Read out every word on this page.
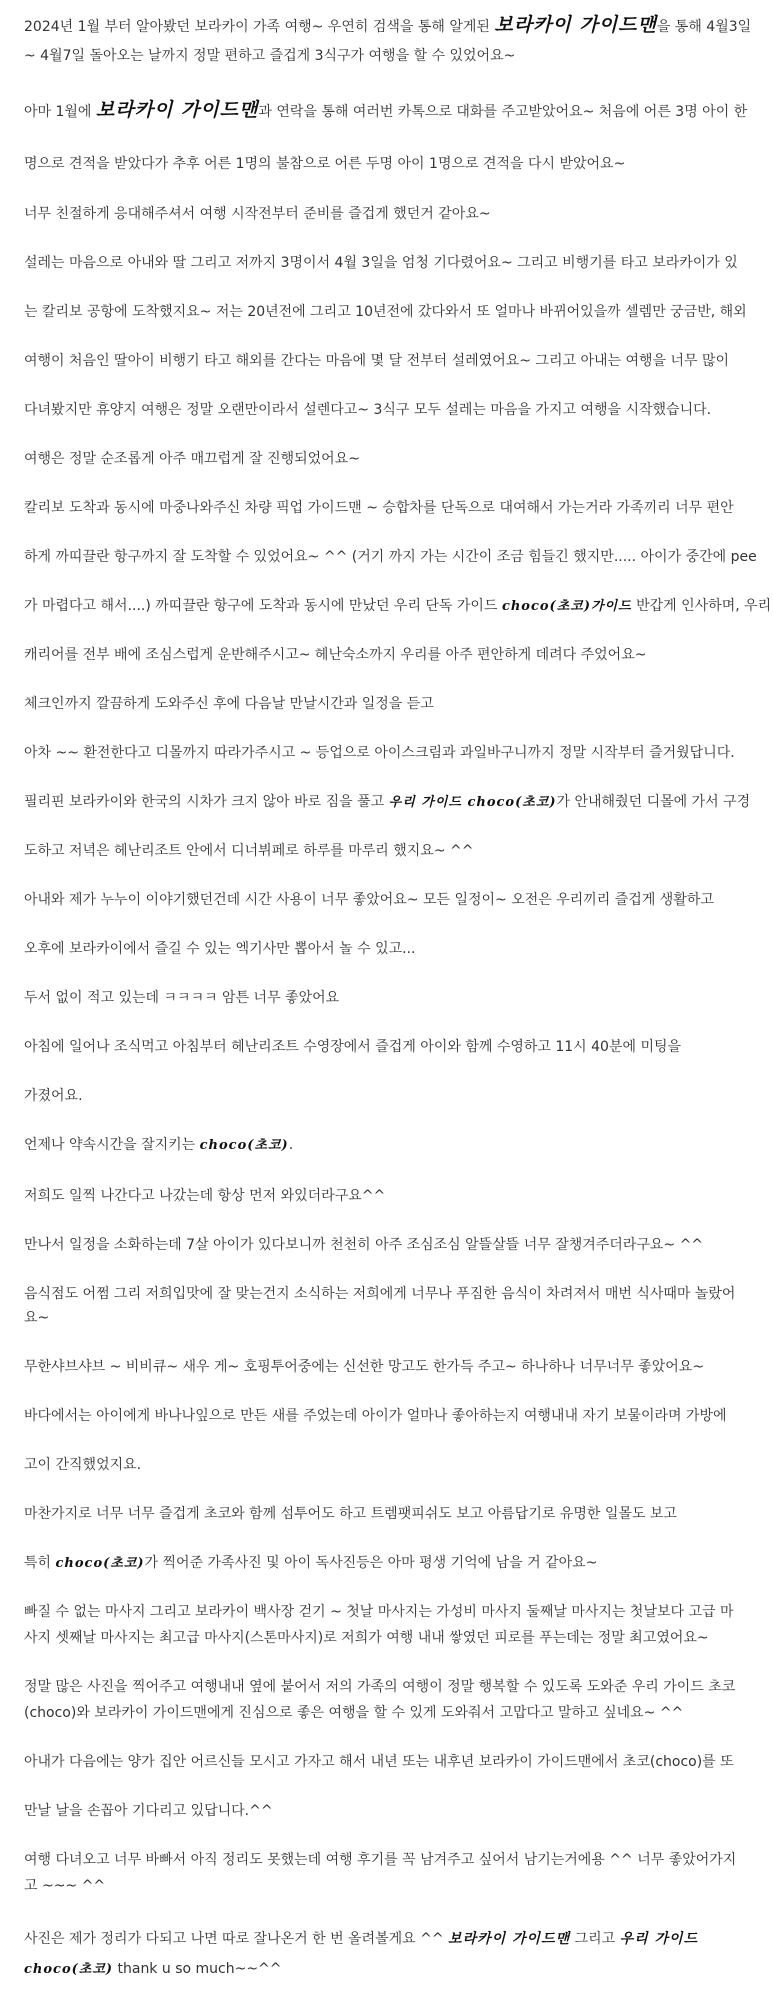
2024년 1월 부터 알아봤던 보라카이 가족 여행~ 우연히 검색을 통해 알게된 보라카이 가이드맨을 통해 4월3일

~ 4월7일 돌아오는 날까지 정말 편하고 즐겁게 3식구가 여행을 할 수 있었어요~

아마 1월에 보라카이 가이드맨과 연락을 통해 여러번 카톡으로 대화를 주고받았어요~ 처음에 어른 3명 아이 한

명으로 견적을 받았다가 추후 어른 1명의 불참으로 어른 두명 아이 1명으로 견적을 다시 받았어요~

너무 친절하게 응대해주셔서 여행 시작전부터 준비를 즐겁게 했던거 같아요~

설레는 마음으로 아내와 딸 그리고 저까지 3명이서 4월 3일을 엄청 기다렸어요~ 그리고 비행기를 타고 보라카이가 있

는 칼리보 공항에 도착했지요~ 저는 20년전에 그리고 10년전에 갔다와서 또 얼마나 바뀌어있을까 셀렘만 궁금반, 해외

여행이 처음인 딸아이 비행기 타고 해외를 간다는 마음에 몇 달 전부터 설레였어요~ 그리고 아내는 여행을 너무 많이

다녀봤지만 휴양지 여행은 정말 오랜만이라서 설렌다고~ 3식구 모두 설레는 마음을 가지고 여행을 시작했습니다.

여행은 정말 순조롭게 아주 매끄럽게 잘 진행되었어요~

칼리보 도착과 동시에 마중나와주신 차량 픽업 가이드맨 ~ 승합차를 단독으로 대여해서 가는거라 가족끼리 너무 편안

하게 까띠끌란 항구까지 잘 도착할 수 있었어요~ ^^ (거기 까지 가는 시간이 조금 힘들긴 했지만..... 아이가 중간에 pee

가 마렵다고 해서....) 까띠끌란 항구에 도착과 동시에 만났던 우리 단독 가이드 choco(초코)가이드 반갑게 인사하며, 우리

캐리어를 전부 배에 조심스럽게 운반해주시고~ 헤난숙소까지 우리를 아주 편안하게 데려다 주었어요~

체크인까지 깔끔하게 도와주신 후에 다음날 만날시간과 일정을 듣고

아차 ~~ 환전한다고 디몰까지 따라가주시고 ~ 등업으로 아이스크림과 과일바구니까지 정말 시작부터 즐거웠답니다.

필리핀 보라카이와 한국의 시차가 크지 않아 바로 짐을 풀고 우리 가이드 choco(초코)가 안내해줬던 디몰에 가서 구경

도하고 저녁은 헤난리조트 안에서 디너뷔페로 하루를 마루리 했지요~ ^^

아내와 제가 누누이 이야기했던건데 시간 사용이 너무 좋았어요~ 모든 일정이~ 오전은 우리끼리 즐겁게 생활하고

오후에 보라카이에서 즐길 수 있는 엑기사만 뽑아서 놀 수 있고...

두서 없이 적고 있는데 ㅋㅋㅋㅋ 암튼 너무 좋았어요

아침에 일어나 조식먹고 아침부터 헤난리조트 수영장에서 즐겁게 아이와 함께 수영하고 11시 40분에 미팅을

가졌어요.

언제나 약속시간을 잘지키는 choco(초코).

저희도 일찍 나간다고 나갔는데 항상 먼저 와있더라구요^^

만나서 일정을 소화하는데 7살 아이가 있다보니까 천천히 아주 조심조심 알뜰살뜰 너무 잘챙겨주더라구요~ ^^

음식점도 어쩜 그리 저희입맛에 잘 맞는건지 소식하는 저희에게 너무나 푸짐한 음식이 차려져서 매번 식사때마 놀랐어

요~

무한샤브샤브 ~ 비비큐~ 새우 게~ 호핑투어중에는 신선한 망고도 한가득 주고~ 하나하나 너무너무 좋았어요~

바다에서는 아이에게 바나나잎으로 만든 새를 주었는데 아이가 얼마나 좋아하는지 여행내내 자기 보물이라며 가방에

고이 간직했었지요.

마찬가지로 너무 너무 즐겁게 초코와 함께 섬투어도 하고 트렘팻피쉬도 보고 아름답기로 유명한 일몰도 보고

특히 choco(초코)가 찍어준 가족사진 및 아이 독사진등은 아마 평생 기억에 남을 거 같아요~

빠질 수 없는 마사지 그리고 보라카이 백사장 걷기 ~ 첫날 마사지는 가성비 마사지 둘째날 마사지는 첫날보다 고급 마

사지 셋째날 마사지는 최고급 마사지(스톤마사지)로 저희가 여행 내내 쌓였던 피로를 푸는데는 정말 최고였어요~

정말 많은 사진을 찍어주고 여행내내 옆에 붙어서 저의 가족의 여행이 정말 행복할 수 있도록 도와준 우리 가이드 초코

(choco)와 보라카이 가이드맨에게 진심으로 좋은 여행을 할 수 있게 도와줘서 고맙다고 말하고 싶네요~ ^^

아내가 다음에는 양가 집안 어르신들 모시고 가자고 해서 내년 또는 내후년 보라카이 가이드맨에서 초코(choco)를 또

만날 날을 손꼽아 기다리고 있답니다.^^

여행 다녀오고 너무 바빠서 아직 정리도 못했는데 여행 후기를 꼭 남겨주고 싶어서 남기는거에용 ^^ 너무 좋았어가지

고 ~~~ ^^

사진은 제가 정리가 다되고 나면 따로 잘나온거 한 번 올려볼게요 ^^ 보라카이 가이드맨 그리고 우리 가이드

choco(초코) thank u so much~~^^
